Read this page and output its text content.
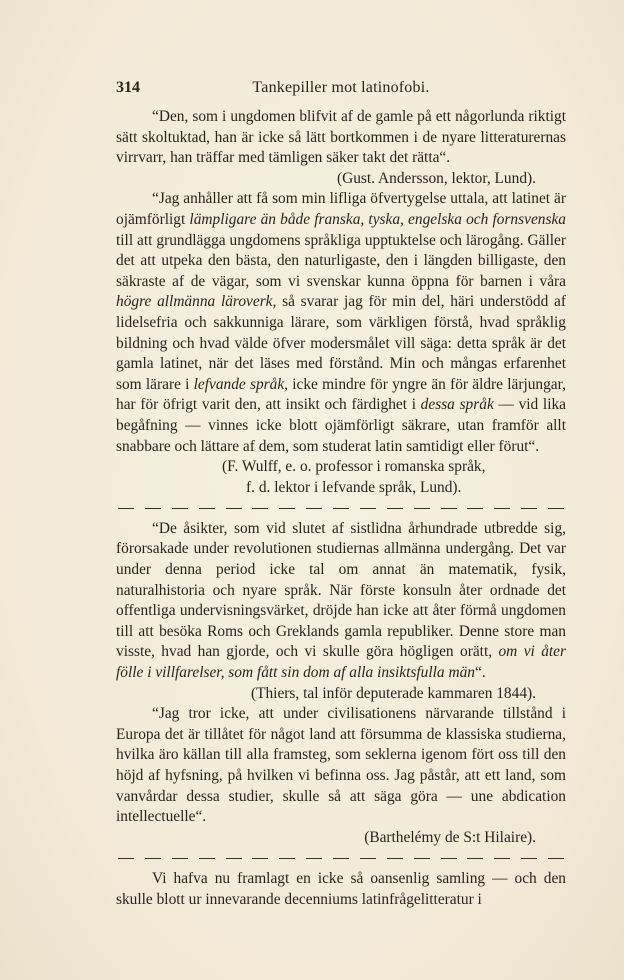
314	Tankepiller mot latinofobi.

“Den, som i ungdomen blifvit af de gamle på ett någorlunda riktigt sätt skoltuktad, han är icke så lätt bortkommen i de nyare litteraturernas virrvarr, han träffar med tämligen säker takt det rätta“.

(Gust. Andersson, lektor, Lund).

“Jag anhåller att få som min lifliga öfvertygelse uttala, att latinet är ojämförligt lämpligare än både franska, tyska, engelska och fornsvenska till att grundlägga ungdomens språkliga upptuktelse och lärogång. Gäller det att utpeka den bästa, den naturligaste, den i längden billigaste, den säkraste af de vägar, som vi svenskar kunna öppna för barnen i våra högre allmänna läroverk, så svarar jag för min del, häri understödd af lidelsefria och sakkunniga lärare, som värkligen förstå, hvad språklig bildning och hvad välde öfver modersmålet vill säga: detta språk är det gamla latinet, när det läses med förstånd. Min och mångas erfarenhet som lärare i lefvande språk, icke mindre för yngre än för äldre lärjungar, har för öfrigt varit den, att insikt och färdighet i dessa språk — vid lika begåfning — vinnes icke blott ojämförligt säkrare, utan framför allt snabbare och lättare af dem, som studerat latin samtidigt eller förut“.

(F. Wulff, e. o. professor i romanska språk,
f. d. lektor i lefvande språk, Lund).

“De åsikter, som vid slutet af sistlidna århundrade utbredde sig, förorsakade under revolutionen studiernas allmänna undergång. Det var under denna period icke tal om annat än matematik, fysik, naturalhistoria och nyare språk. När förste konsuln åter ordnade det offentliga undervisningsvärket, dröjde han icke att åter förmå ungdomen till att besöka Roms och Greklands gamla republiker. Denne store man visste, hvad han gjorde, och vi skulle göra högligen orätt, om vi åter fölle i villfarelser, som fått sin dom af alla insiktsfulla män“.

(Thiers, tal inför deputerade kammaren 1844).

“Jag tror icke, att under civilisationens närvarande tillstånd i Europa det är tillåtet för något land att försumma de klassiska studierna, hvilka äro källan till alla framsteg, som seklerna igenom fört oss till den höjd af hyfsning, på hvilken vi befinna oss. Jag påstår, att ett land, som vanvårdar dessa studier, skulle så att säga göra — une abdication intellectuelle“.

(Barthelémy de S:t Hilaire).

Vi hafva nu framlagt en icke så oansenlig samling — och den skulle blott ur innevarande decenniums latinfrågelitteratur i
